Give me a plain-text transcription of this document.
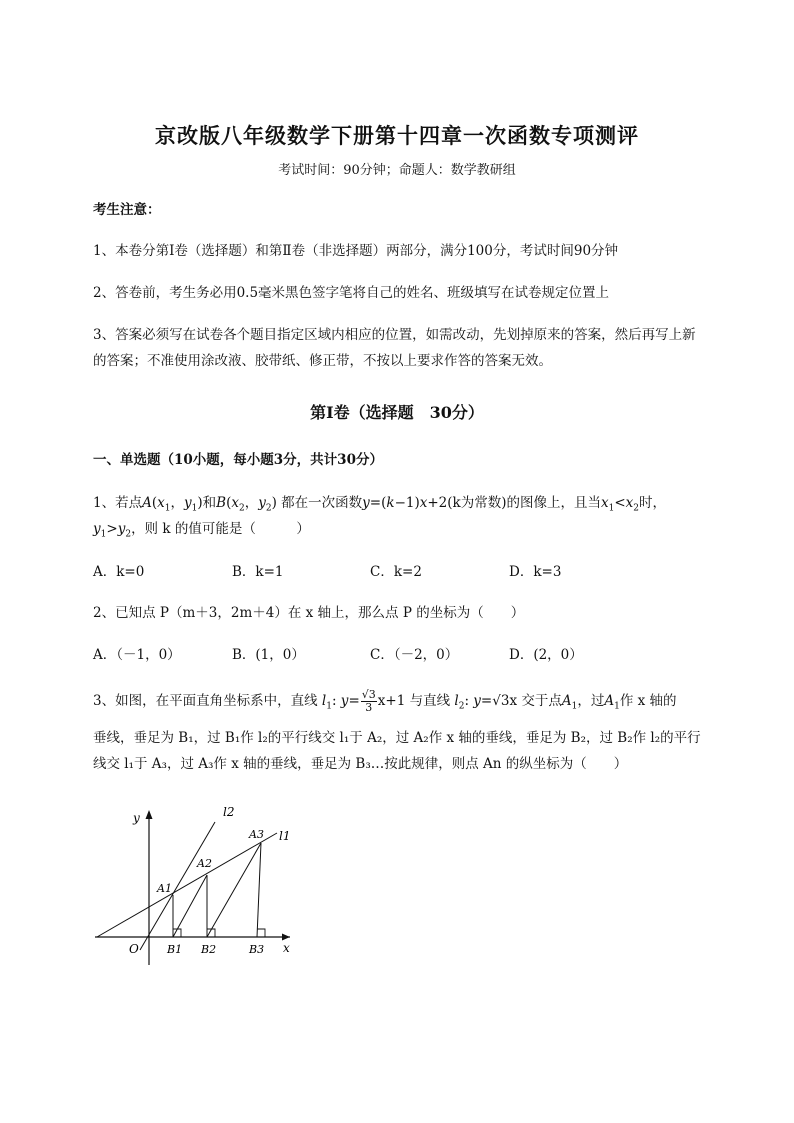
京改版八年级数学下册第十四章一次函数专项测评
考试时间：90分钟；命题人：数学教研组
考生注意：
1、本卷分第I卷（选择题）和第Ⅱ卷（非选择题）两部分，满分100分，考试时间90分钟
2、答卷前，考生务必用0.5毫米黑色签字笔将自己的姓名、班级填写在试卷规定位置上
3、答案必须写在试卷各个题目指定区域内相应的位置，如需改动，先划掉原来的答案，然后再写上新
的答案；不准使用涂改液、胶带纸、修正带，不按以上要求作答的答案无效。
第I卷（选择题　30分）
一、单选题（10小题，每小题3分，共计30分）
1、若点$A(x_1$，$y_1$)和$B(x_2$，$y_2$) 都在一次函数y=(k−1)x+2(k为常数)的图像上，且当$x_1<x_2$时，
$y_1>y_2$，则 k 的值可能是（　　　）
A．k=0	B．k=1	C．k=2	D．k=3
2、已知点 P（m＋3，2m＋4）在 x 轴上，那么点 P 的坐标为（　　）
A．（－1，0）	B．(1，0）	C．（－2，0）	D．(2，0）
3、如图，在平面直角坐标系中，直线 $l_1$: $y= \frac{√3}{3} x+1$ 与直线 $l_2$: y=√3x 交于点$A_1$，过$A_1$作 x 轴的
垂线，垂足为 B₁，过 B₁作 l₂的平行线交 l₁于 A₂，过 A₂作 x 轴的垂线，垂足为 B₂，过 B₂作 l₂的平行
线交 l₁于 A₃，过 A₃作 x 轴的垂线，垂足为 B₃…按此规律，则点 An 的纵坐标为（　　）
y
x
O
l2
l1
A1
A2
A3
B1 B2	B3
